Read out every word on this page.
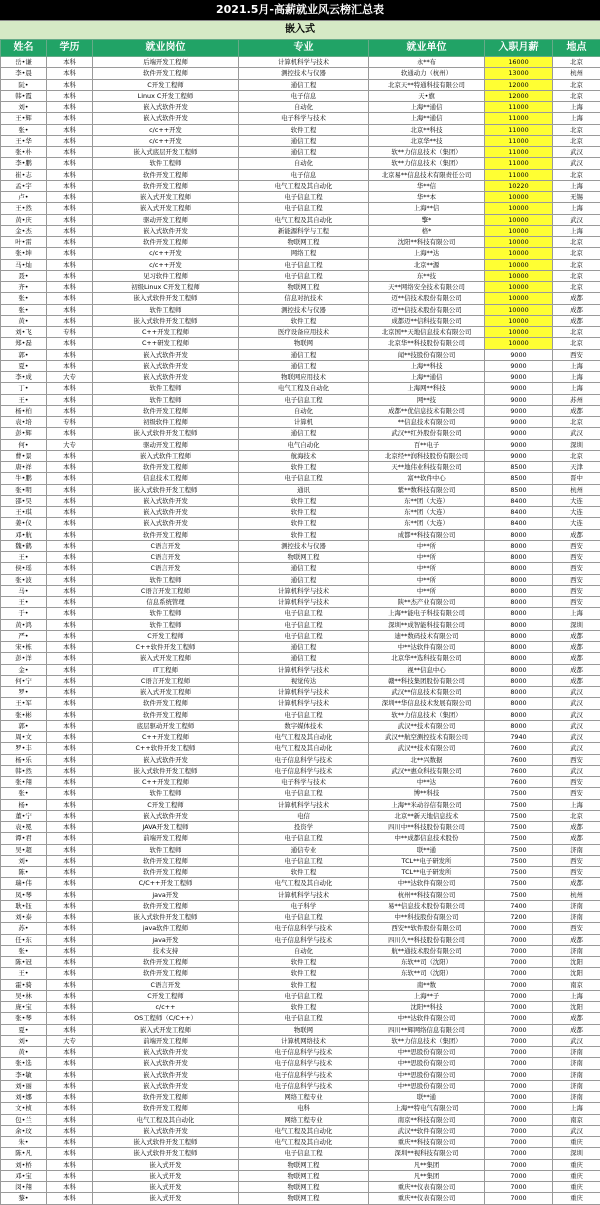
2021.5月-高薪就业风云榜汇总表
嵌入式
姓名	学历	就业岗位	专业	就业单位	入职月薪	地点
岳•谦	本科	后端开发工程师	计算机科学与技术	永**布	16000	北京
李•晨	本科	软件开发工程师	测控技术与仪器	软通动力（杭州）	13000	杭州
阮•	本科	C开发工程师	通信工程	北京天**特通科技有限公司	12000	北京
韩•霞	本科	Linux C开发工程师	电子信息	天•旗	12000	北京
刘•	本科	嵌入式软件开发	自动化	上海**通信	11000	上海
王•辉	本科	嵌入式软件开发	电子科学与技术	上海**通信	11000	上海
张•	本科	c/c++开发	软件工程	北京**科技	11000	北京
王•华	本科	c/c++开发	通信工程	北京华**技	11000	北京
张•朴	本科	嵌入式底层开发工程师	通信工程	软**力信息技术（集团）	11000	武汉
李•鹏	本科	软件工程师	自动化	软**力信息技术（集团）	11000	武汉
崔•志	本科	软件开发工程师	电子信息	北京易**信息技术有限责任公司	11000	北京
孟•宇	本科	软件开发工程师	电气工程及其自动化	华**信	10220	上海
卢•	本科	嵌入式开发工程师	电子信息工程	华**本	10000	无锡
王•然	本科	嵌入式开发工程师	电子信息工程	上海**信	10000	上海
黄•庆	本科	驱动开发工程师	电气工程及其自动化	擎*	10000	武汉
金•杰	本科	嵌入式软件开发	新能源科学与工程	格*	10000	上海
叶•雷	本科	软件开发工程师	物联网工程	沈阳**科技有限公司	10000	北京
张•坤	本科	c/c++开发	网络工程	上海**达	10000	北京
马•灿	本科	c/c++开发	电子信息工程	北京**源	10000	北京
聂•	本科	见习软件工程师	电子信息工程	东**技	10000	北京
齐•	本科	初级Linux C开发工程师	物联网工程	天**网络安全技术有限公司	10000	北京
张•	本科	嵌入式软件开发工程师	信息对抗技术	迈**信技术股份有限公司	10000	成都
张•	本科	软件工程师	测控技术与仪器	迈**信技术股份有限公司	10000	成都
黄•	本科	嵌入式软件开发工程师	软件工程	成都迈**信科技有限公司	10000	成都
刘•飞	专科	C++开发工程师	医疗设备应用技术	北京国**天地信息技术有限公司	10000	北京
郑•磊	本科	C++研发工程师	物联网	北京华**科技股份有限公司	10000	北京
郭•	本科	嵌入式软件开发	通信工程	闻**技股份有限公司	9000	西安
夏•	本科	嵌入式软件开发	通信工程	上海**科技	9000	上海
李•成	大专	嵌入式软件开发	物联网应用技术	上海**通信	9000	上海
丁•	本科	软件工程师	电气工程及自动化	上海网**科技	9000	上海
王•	本科	软件工程师	电子信息工程	网**技	9000	苏州
杨•柏	本科	软件开发工程师	自动化	成都**优信息技术有限公司	9000	成都
袁•培	专科	初级软件工程师	计算机	**信息技术有限公司	9000	北京
彭•辉	本科	嵌入式软件开发工程师	通信工程	武汉**红外股份有限公司	9000	武汉
何•	大专	驱动开发工程师	电气自动化	百**电子	9000	深圳
曹•景	本科	嵌入式软件工程师	航海技术	北京经**润科技股份有限公司	9000	北京
唐•祥	本科	软件开发工程师	软件工程	天**地伟业科技有限公司	8500	天津
牛•鹏	本科	信息技术工程师	电子信息工程	富**软件中心	8500	晋中
张•明	本科	嵌入式软件开发工程师	通讯	紫**数科技有限公司	8500	杭州
邵•昊	本科	嵌入式软件开发	软件工程	东**团（大连）	8400	大连
王•琪	本科	嵌入式软件开发	软件工程	东**团（大连）	8400	大连
姜•仪	本科	嵌入式软件开发	软件工程	东**团（大连）	8400	大连
邓•航	本科	软件开发工程师	软件工程	成都**科技有限公司	8000	成都
魏•鹤	本科	C语言开发	测控技术与仪器	中**所	8000	西安
王•	本科	C语言开发	物联网工程	中**所	8000	西安
侯•瑶	本科	C语言开发	通信工程	中**所	8000	西安
张•波	本科	软件工程师	通信工程	中**所	8000	西安
马•	本科	C语言开发工程师	计算机科学与技术	中**所	8000	西安
王•	本科	信息系统管理	计算机科学与技术	陕**杰产业有限公司	8000	西安
于•	本科	软件工程师	电子信息工程	上海**能电子科技有限公司	8000	上海
黄•鸿	本科	软件工程师	电子信息工程	深圳**成智能科技有限公司	8000	深圳
严•	本科	C开发工程师	电子信息工程	迪**数码技术有限公司	8000	成都
宋•栋	本科	C++软件开发工程师	通信工程	中**达软件有限公司	8000	成都
彭•洋	本科	嵌入式开发工程师	通信工程	北京华**选科技有限公司	8000	成都
金•	本科	IT工程师	计算机科学与技术	视**信息中心	8000	成都
何•宁	本科	C语言开发工程师	视觉传达	赣**科技集团股份有限公司	8000	成都
罗•	本科	嵌入式开发工程师	计算机科学与技术	武汉**信息技术有限公司	8000	武汉
王•军	本科	软件开发工程师	计算机科学与技术	深圳**华信息技术发展有限公司	8000	武汉
张•彬	本科	软件开发工程师	电子信息工程	软**力信息技术（集团）	8000	武汉
郭•	本科	底层驱动开发工程师	数字媒体技术	武汉**技术有限公司	8000	武汉
周•文	本科	C++开发工程师	电气工程及其自动化	武汉**航空测控技术有限公司	7940	武汉
罗•丰	本科	C++软件开发工程师	电气工程及其自动化	武汉**技术有限公司	7600	武汉
杨•乐	本科	嵌入式软件开发	电子信息科学与技术	北**兴数据	7600	西安
韩•然	本科	嵌入式软件开发工程师	电子信息科学与技术	武汉**惠众科技有限公司	7600	武汉
张•翔	本科	C++开发工程师	电子科学与技术	中**达	7600	西安
张•	本科	软件工程师	电子信息工程	博**科技	7500	西安
杨•	本科	C开发工程师	计算机科学与技术	上海**米动谷信有限公司	7500	上海
董•宁	本科	嵌入式软件开发	电信	北京**新天地信息技术	7500	北京
袁•冕	本科	JAVA开发工程师	投资学	四川中**科技股份有限公司	7500	成都
谭•君	本科	前端开发工程师	电子信息工程	中**成都信息技术股份	7500	成都
吴•超	本科	软件工程师	通信专业	联**通	7500	济南
刘•	本科	软件开发工程师	电子信息工程	TCL**电子研发所	7500	西安
陈•	本科	软件开发工程师	软件工程	TCL**电子研发所	7500	西安
瑞•伟	本科	C/C++开发工程师	电气工程及其自动化	中**达软件有限公司	7500	成都
凤•琴	本科	java开发	计算机科学与技术	杭州**科技有限公司	7500	杭州
耿•钰	本科	软件开发工程师	电子科学	易**信息技术股份有限公司	7400	济南
刘•泰	本科	嵌入式软件开发工程师	电子信息工程	中**科技股份有限公司	7200	济南
苏•	本科	java软件工程师	电子信息科学与技术	西安**软件股份有限公司	7000	西安
任•东	本科	java开发	电子信息科学与技术	四川久**科技股份有限公司	7000	成都
张•	本科	技术支持	自动化	航**通技术股份有限公司	7000	济南
陈•冠	本科	软件开发工程师	软件工程	东软**司（沈阳）	7000	沈阳
王•	本科	软件开发工程师	软件工程	东软**司（沈阳）	7000	沈阳
霍•骑	本科	C语言开发	软件工程	南**数	7000	南京
吴•林	本科	C开发工程师	电子信息工程	上海**子	7000	上海
庞•宝	本科	c/c++	软件工程	沈阳**科技	7000	沈阳
张•琴	本科	OS工程师（C/C++）	电子信息工程	中**达软件有限公司	7000	成都
夏•	本科	嵌入式开发工程师	物联网	四川**辉网络信息有限公司	7000	成都
刘•	大专	前端开发工程师	计算机网络技术	软**力信息技术（集团）	7000	武汉
黄•	本科	嵌入式软件开发	电子信息科学与技术	中**思股份有限公司	7000	济南
张•选	本科	嵌入式软件开发	电子信息科学与技术	中**思股份有限公司	7000	济南
李•敏	本科	嵌入式软件开发	电子信息科学与技术	中**思股份有限公司	7000	济南
刘•丽	本科	嵌入式软件开发	电子信息科学与技术	中**思股份有限公司	7000	济南
刘•娜	本科	软件开发工程师	网络工程专业	联**通	7000	济南
文•桢	本科	软件开发工程师	电科	上海**特电气有限公司	7000	上海
包•兰	本科	电气工程及其自动化	网络工程专业	南京**科技有限公司	7000	南京
余•玟	本科	嵌入式软件开发	电气工程及其自动化	武汉**软件有限公司	7000	武汉
朱•	本科	嵌入式软件开发工程师	电气工程及其自动化	重庆**科技有限公司	7000	重庆
陈•凡	本科	嵌入式软件开发工程师	电子信息工程	深圳**视科技有限公司	7000	深圳
刘•桥	本科	嵌入式开发	物联网工程	凡**集团	7000	重庆
邓•宝	本科	嵌入式开发	物联网工程	凡**集团	7000	重庆
闵•翔	本科	嵌入式开发	物联网工程	重庆**仪表有限公司	7000	重庆
黎•	本科	嵌入式开发	物联网工程	重庆**仪表有限公司	7000	重庆
